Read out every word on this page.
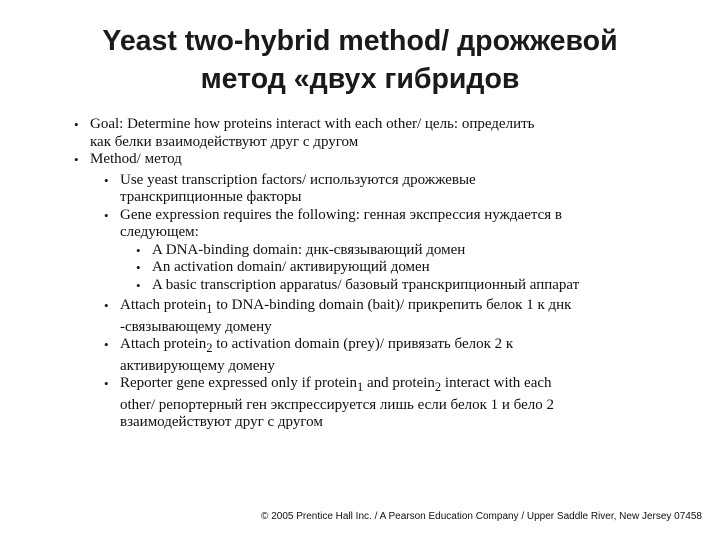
Yeast two-hybrid method/ дрожжевой
метод «двух гибридов
• Goal: Determine how proteins interact with each other/ цель: определить
как белки взаимодействуют друг с другом
• Method/ метод
• Use yeast transcription factors/ используются дрожжевые
транскрипционные факторы
• Gene expression requires the following: генная экспрессия нуждается в
следующем:
• A DNA-binding domain: днк-связывающий домен
• An activation domain/ активирующий домен
• A basic transcription apparatus/ базовый транскрипционный аппарат
• Attach protein$_1$ to DNA-binding domain (bait)/ прикрепить белок 1 к днк
-связывающему домену
• Attach protein$_2$ to activation domain (prey)/ привязать белок 2 к
активирующему домену
• Reporter gene expressed only if protein$_1$ and protein$_2$ interact with each
other/ репортерный ген экспрессируется лишь если белок 1 и бело 2
взаимодействуют друг с другом
© 2005 Prentice Hall Inc. / A Pearson Education Company / Upper Saddle River, New Jersey 07458
